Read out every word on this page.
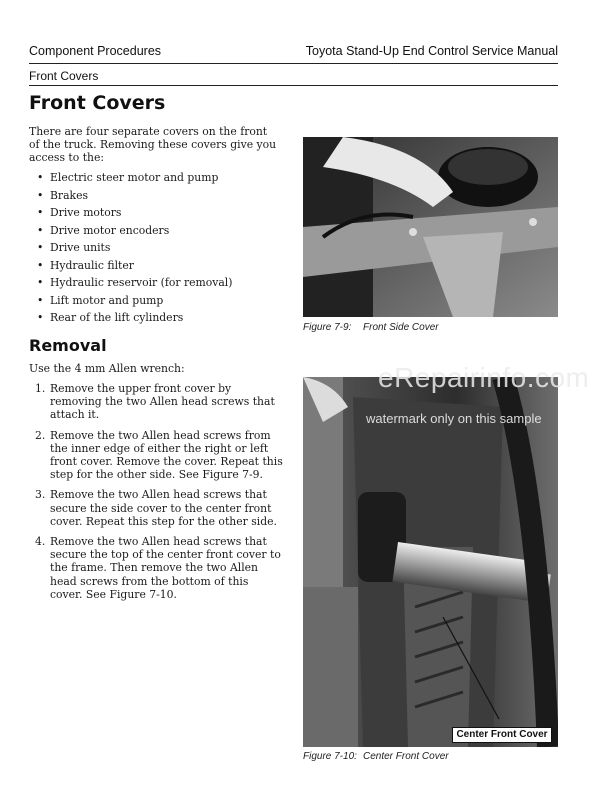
Component Procedures	Toyota Stand-Up End Control Service Manual
Front Covers
Front Covers

There are four separate covers on the front of the truck. Removing these covers give you access to the:

• Electric steer motor and pump
• Brakes
• Drive motors
• Drive motor encoders
• Drive units
• Hydraulic filter
• Hydraulic reservoir (for removal)
• Lift motor and pump
• Rear of the lift cylinders
Removal

Use the 4 mm Allen wrench:

1. Remove the upper front cover by removing the two Allen head screws that attach it.
2. Remove the two Allen head screws from the inner edge of either the right or left front cover. Remove the cover. Repeat this step for the other side. See Figure 7-9.
3. Remove the two Allen head screws that secure the side cover to the center front cover. Repeat this step for the other side.
4. Remove the two Allen head screws that secure the top of the center front cover to the frame. Then remove the two Allen head screws from the bottom of this cover. See Figure 7-10.
Figure 7-9: Front Side Cover
Center Front Cover
Figure 7-10: Center Front Cover
eRepairinfo.com
watermark only on this sample
